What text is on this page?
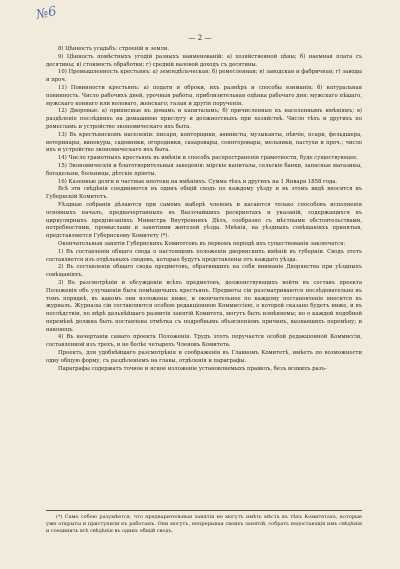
№6
— 2 —

8) Цѣнность усадьбъ: строеній и земли.

9) Цѣнность помѣстныхъ угодій разныхъ наименованій: а) хозяйственной цѣны; б) наемная плата съ десятины; в) стоимость обработки; г) средній валовой доходъ съ десятины.

10) Промышленность крестьянъ: а) земледѣльческая; б) ремесленная; в) заводская и фабричная; г) заводы и проч.

11) Повинности крестьянъ: а) подати и оброки, ихъ размѣръ и способы взиманія; б) натуральная повинность. Число рабочихъ дней, урочныя работы, приблизительная оцѣнка рабочаго дня: мужскаго пѣшаго, мужскаго коннаго или воловаго, женскаго; газыя и другія порученія.

12) Дворовые: а) приписные къ домамъ и капиталамъ; б) причисленные къ населеннымъ имѣніямъ; в) раздѣленіе послѣднихъ на домашнюю прислугу и должностныхъ при хозяйствѣ. Число тѣхъ и другихъ по ремесламъ и устройство экономическаго ихъ быта.

13) Въ крестьянскомъ населеніи: писаря, конторщики, аѳинисты, музыканты, пѣвчіе, псари, фельдшера, ветеринары, винокуры, садовники, огородники, сахаровары, сеннгоровары, мельники, пастухи и проч.; число ихъ и устройство экономическаго ихъ быта.

14) Число грамотныхъ крестьянъ въ имѣніи и способъ распространенія грамотности, буде существующее.

15) Экономическія и благотворительныя заведенія: мірскіе капиталы, сельскіе банки, запасные магазины, богадельни, больницы, дѣтскіе пріюты.

16) Казенные долги и частные ипотеки на имѣніяхъ. Сумма тѣхъ и другихъ на 1 Января 1858 года.

Всѣ эти свѣдѣнія соединяются въ одинъ общій сводъ по каждому уѣзду и въ этомъ видѣ вносятся въ Губернскій Комитетъ.

Уѣздные собранія дѣлаются при самомъ выборѣ членовъ и касаются только способовъ исполненія основныхъ началъ, предначертанныхъ въ Высочайшихъ рескриптахъ и указаній, содержащихся въ циркулярныхъ предписаніяхъ Министра Внутреннихъ Дѣлъ, сообразно съ мѣстными обстоятельствами, потребностями, промыслами и занятіями жителей уѣзда. Мнѣнія, на уѣздныхъ совѣщаніяхъ принятыя, представляются Губернскому Комитету (*).

Окончательныя занятія Губернскихъ Комитетовъ въ первомъ періодѣ ихъ существованія заключатся:

1) Въ составленіи общаго свода о настоящемъ положеніи дворянскихъ имѣній въ губерніи. Сводъ этотъ составляется изъ отдѣльныхъ сводовъ, которые будутъ представлены отъ каждаго уѣзда.

2) Въ составленіи общаго свода предметовъ, обратившихъ на себя вниманіе Дворянства при уѣздныхъ совѣщаніяхъ.

3) Въ разсмотрѣніи и обсужденіи всѣхъ предметовъ, долженствующихъ войти въ составъ проекта Положенія объ улучшеніи быта помѣщичьихъ крестьянъ. Предметы сіи разсматриваются послѣдовательно въ томъ порядкѣ, въ какомъ они изложены ниже, и окончательное по каждому постановленіе вносится въ журналъ. Журналы сіи составляются особою редакціонною Коммиссіею, о которой сказано будетъ ниже, и въ послѣдствіи, по мѣрѣ дальнѣйшаго развитія занятій Комитета, могутъ быть измѣняемы; но о каждой подобной перемѣнѣ должна быть поставлена отмѣтка съ подробнымъ объясненіемъ причинъ, вызвавшихъ перемѣну; и наконецъ

4) Въ начертаніи самаго проекта Положенія. Трудъ этотъ поручается особой редакціонной Коммиссіи, составленной изъ трехъ, и не болѣе четырехъ Членовъ Комитета.

Проектъ, для удобнѣйшаго разсмотрѣнія и соображенія въ Главномъ Комитетѣ, имѣетъ по возможности одну общую форму, съ раздѣленіемъ на главы, отдѣленія и параграфы.

Параграфы содержатъ точное и ясное изложеніе установляемыхъ правилъ, безъ всякихъ разъ-

(*) Само собою разумѣется, что предварительныя занятія не могутъ имѣть мѣста въ тѣхъ Комитетахъ, которые уже открыты и приступили къ работамъ. Они могутъ, непрерывая своихъ занятій, собрать недостающія имъ свѣдѣнія и соединить всѣ свѣдѣнія въ одинъ общій сводъ.
